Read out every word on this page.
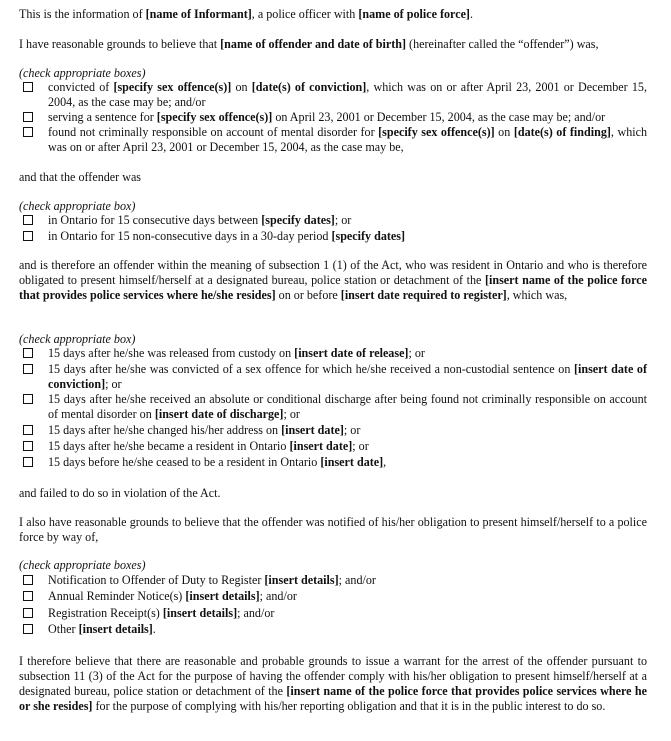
This is the information of [name of Informant], a police officer with [name of police force].
I have reasonable grounds to believe that [name of offender and date of birth] (hereinafter called the “offender”) was,
(check appropriate boxes)
convicted of [specify sex offence(s)] on [date(s) of conviction], which was on or after April 23, 2001 or December 15, 2004, as the case may be; and/or
serving a sentence for [specify sex offence(s)] on April 23, 2001 or December 15, 2004, as the case may be; and/or
found not criminally responsible on account of mental disorder for [specify sex offence(s)] on [date(s) of finding], which was on or after April 23, 2001 or December 15, 2004, as the case may be,
and that the offender was
(check appropriate box)
in Ontario for 15 consecutive days between [specify dates]; or
in Ontario for 15 non-consecutive days in a 30-day period [specify dates]
and is therefore an offender within the meaning of subsection 1 (1) of the Act, who was resident in Ontario and who is therefore obligated to present himself/herself at a designated bureau, police station or detachment of the [insert name of the police force that provides police services where he/she resides] on or before [insert date required to register], which was,
(check appropriate box)
15 days after he/she was released from custody on [insert date of release]; or
15 days after he/she was convicted of a sex offence for which he/she received a non-custodial sentence on [insert date of conviction]; or
15 days after he/she received an absolute or conditional discharge after being found not criminally responsible on account of mental disorder on [insert date of discharge]; or
15 days after he/she changed his/her address on [insert date]; or
15 days after he/she became a resident in Ontario [insert date]; or
15 days before he/she ceased to be a resident in Ontario [insert date],
and failed to do so in violation of the Act.
I also have reasonable grounds to believe that the offender was notified of his/her obligation to present himself/herself to a police force by way of,
(check appropriate boxes)
Notification to Offender of Duty to Register [insert details]; and/or
Annual Reminder Notice(s) [insert details]; and/or
Registration Receipt(s) [insert details]; and/or
Other [insert details].
I therefore believe that there are reasonable and probable grounds to issue a warrant for the arrest of the offender pursuant to subsection 11 (3) of the Act for the purpose of having the offender comply with his/her obligation to present himself/herself at a designated bureau, police station or detachment of the [insert name of the police force that provides police services where he or she resides] for the purpose of complying with his/her reporting obligation and that it is in the public interest to do so.
